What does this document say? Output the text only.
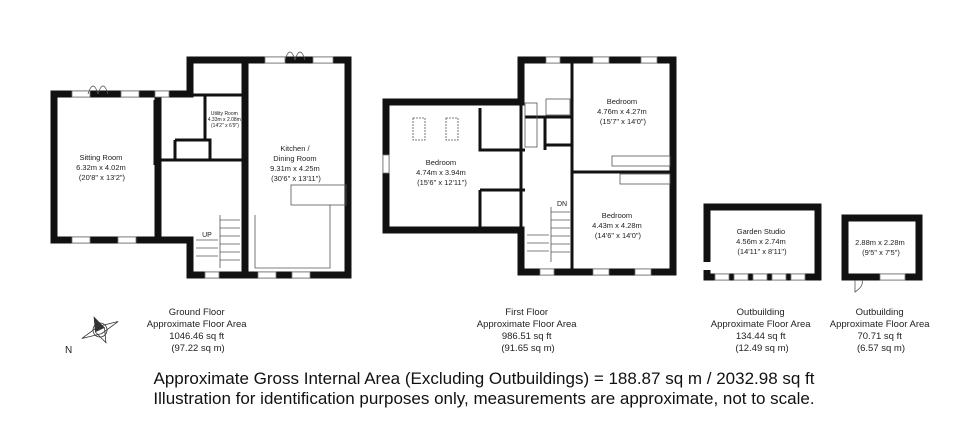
UP
Sitting Room 6.32m x 4.02m (20'8" x 13'2")
Utility Room 4.33m x 2.08m (14'2" x 6'9")
Kitchen / Dining Room 9.31m x 4.25m (30'6" x 13'11")
DN
Bedroom 4.74m x 3.94m (15'6" x 12'11")
Bedroom 4.76m x 4.27m (15'7" x 14'0")
Bedroom 4.43m x 4.28m (14'6" x 14'0")	Garden Studio 4.56m x 2.74m (14'11" x 8'11")
2.88m x 2.28m (9'5" x 7'5")
N
Ground Floor Approximate Floor Area 1046.46 sq ft (97.22 sq m)
First Floor Approximate Floor Area 986.51 sq ft (91.65 sq m)
Outbuilding Approximate Floor Area 134.44 sq ft (12.49 sq m)
Outbuilding Approximate Floor Area 70.71 sq ft (6.57 sq m)
Approximate Gross Internal Area (Excluding Outbuildings) = 188.87 sq m / 2032.98 sq ft
Illustration for identification purposes only, measurements are approximate, not to scale.
